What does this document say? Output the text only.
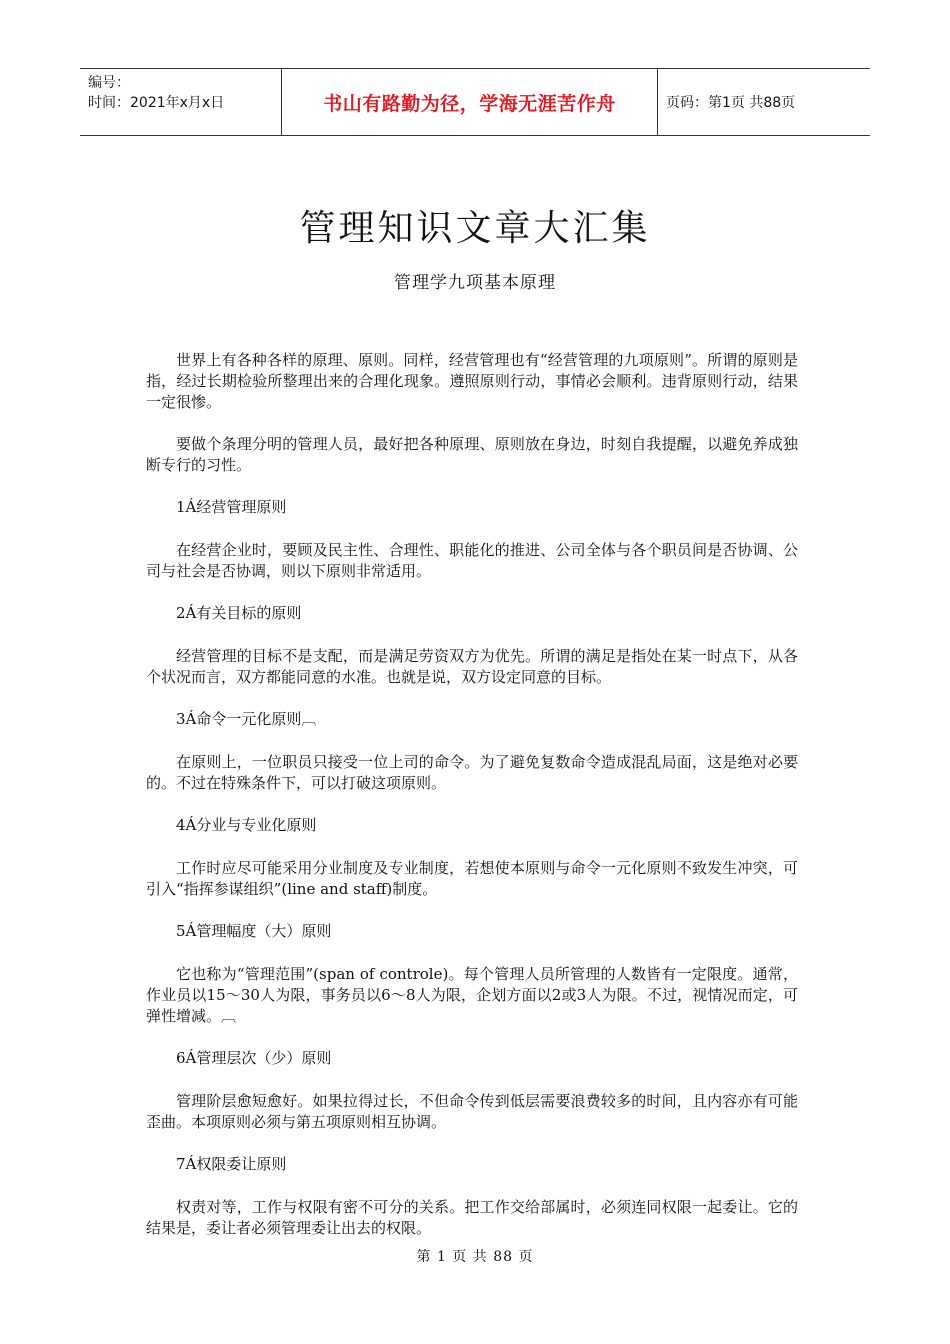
编号：
时间：2021年x月x日	书山有路勤为径，学海无涯苦作舟	页码：第1页 共88页
管理知识文章大汇集
管理学九项基本原理

世界上有各种各样的原理、原则。同样，经营管理也有“经营管理的九项原则”。所谓的原则是指，经过长期检验所整理出来的合理化现象。遵照原则行动，事情必会顺利。违背原则行动，结果一定很惨。

要做个条理分明的管理人员，最好把各种原理、原则放在身边，时刻自我提醒，以避免养成独断专行的习性。

1Á经营管理原则

在经营企业时，要顾及民主性、合理性、职能化的推进、公司全体与各个职员间是否协调、公司与社会是否协调，则以下原则非常适用。

2Á有关目标的原则

经营管理的目标不是支配，而是满足劳资双方为优先。所谓的满足是指处在某一时点下，从各个状况而言，双方都能同意的水准。也就是说，双方设定同意的目标。

3Á命令一元化原则︹

在原则上，一位职员只接受一位上司的命令。为了避免复数命令造成混乱局面，这是绝对必要的。不过在特殊条件下，可以打破这项原则。

4Á分业与专业化原则

工作时应尽可能采用分业制度及专业制度，若想使本原则与命令一元化原则不致发生冲突，可引入“指挥参谋组织”(line and staff)制度。

5Á管理幅度（大）原则

它也称为“管理范围”(span of controle)。每个管理人员所管理的人数皆有一定限度。通常，作业员以15～30人为限，事务员以6～8人为限，企划方面以2或3人为限。不过，视情况而定，可弹性增减。︹

6Á管理层次（少）原则

管理阶层愈短愈好。如果拉得过长，不但命令传到低层需要浪费较多的时间，且内容亦有可能歪曲。本项原则必须与第五项原则相互协调。

7Á权限委让原则

权责对等，工作与权限有密不可分的关系。把工作交给部属时，必须连同权限一起委让。它的结果是，委让者必须管理委让出去的权限。

第 1 页 共 88 页
